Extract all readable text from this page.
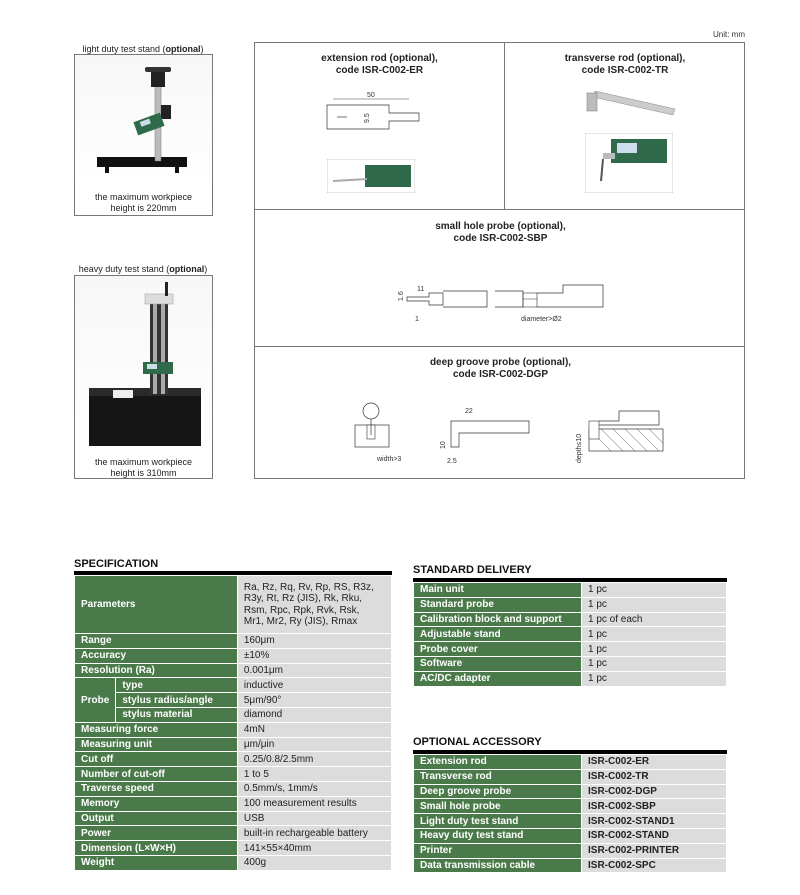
Unit: mm
light duty test stand (optional)
the maximum workpiece
height is 220mm
heavy duty test stand (optional)
the maximum workpiece
height is 310mm
extension rod (optional),
code ISR-C002-ER
50
9.5
transverse rod (optional),
code ISR-C002-TR
small hole probe (optional),
code ISR-C002-SBP
1.6
11
1	diameter>Ø2
deep groove probe (optional),
code ISR-C002-DGP
width>3
22
10
2.5	depth≤10
SPECIFICATION
Parameters		Ra, Rz, Rq, Rv, Rp, RS, R3z,
R3y, Rt, Rz (JIS), Rk, Rku,
Rsm, Rpc, Rpk, Rvk, Rsk,
Mr1, Mr2, Ry (JIS), Rmax

Range		160μm
Accuracy		±10%
Resolution (Ra)		0.001μm
Probe	type	inductive
	stylus radius/angle	5μm/90°
	stylus material	diamond
Measuring force		4mN
Measuring unit		μm/μin
Cut off		0.25/0.8/2.5mm
Number of cut-off		1 to 5
Traverse speed		0.5mm/s, 1mm/s
Memory		100 measurement results
Output		USB
Power		built-in rechargeable battery
Dimension (L×W×H)		141×55×40mm
Weight		400g
STANDARD DELIVERY
Main unit	1 pc
Standard probe	1 pc
Calibration block and support	1 pc of each
Adjustable stand	1 pc
Probe cover	1 pc
Software	1 pc
AC/DC adapter	1 pc
OPTIONAL ACCESSORY
Extension rod	ISR-C002-ER
Transverse rod	ISR-C002-TR
Deep groove probe	ISR-C002-DGP
Small hole probe	ISR-C002-SBP
Light duty test stand	ISR-C002-STAND1
Heavy duty test stand	ISR-C002-STAND
Printer	ISR-C002-PRINTER
Data transmission cable	ISR-C002-SPC
